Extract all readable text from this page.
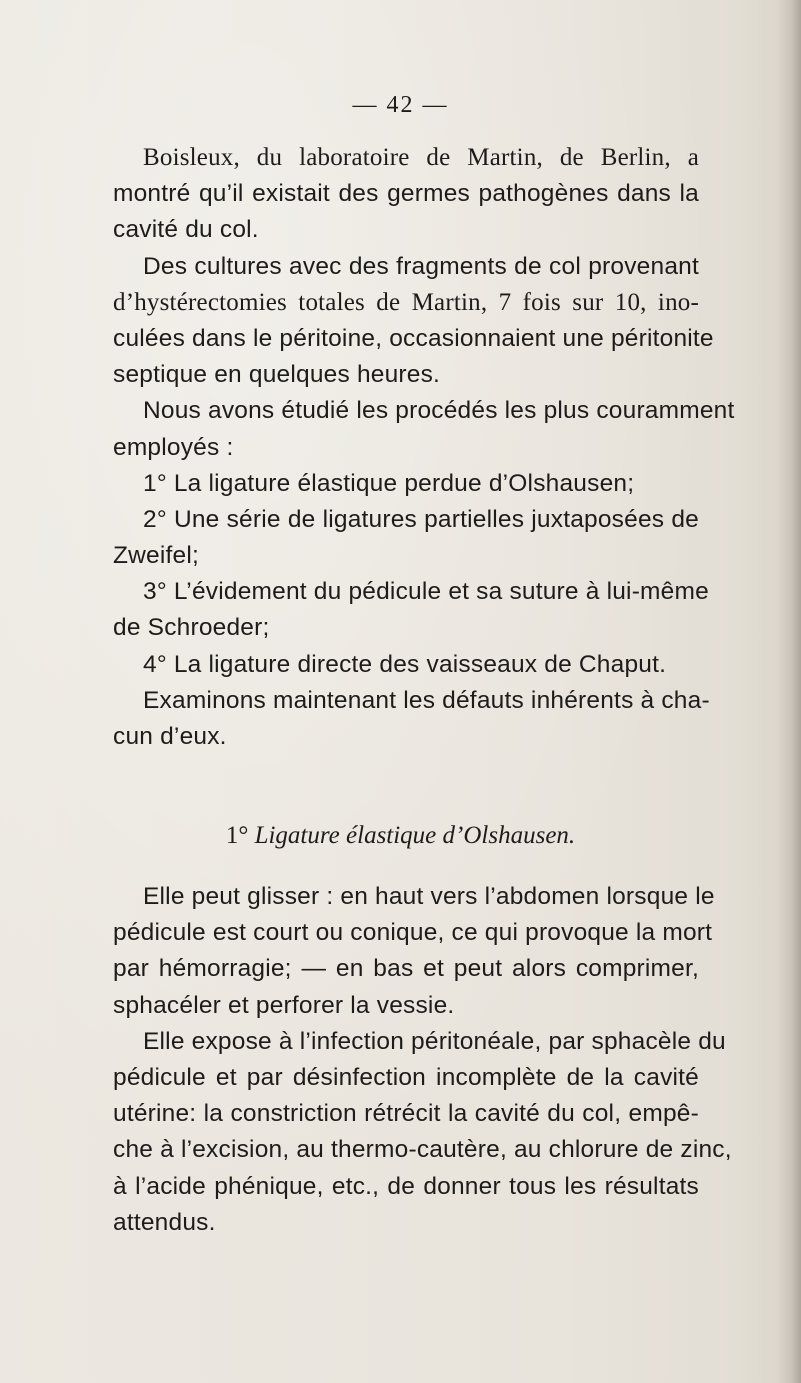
— 42 —
Boisleux, du laboratoire de Martin, de Berlin, a
montré qu’il existait des germes pathogènes dans la
cavité du col.
Des cultures avec des fragments de col provenant
d’hystérectomies totales de Martin, 7 fois sur 10, ino-
culées dans le péritoine, occasionnaient une péritonite
septique en quelques heures.
Nous avons étudié les procédés les plus couramment
employés :
1° La ligature élastique perdue d’Olshausen;
2° Une série de ligatures partielles juxtaposées de
Zweifel;
3° L’évidement du pédicule et sa suture à lui-même
de Schroeder;
4° La ligature directe des vaisseaux de Chaput.
Examinons maintenant les défauts inhérents à cha-
cun d’eux.
1° Ligature élastique d’Olshausen.
Elle peut glisser : en haut vers l’abdomen lorsque le
pédicule est court ou conique, ce qui provoque la mort
par hémorragie; — en bas et peut alors comprimer,
sphacéler et perforer la vessie.
Elle expose à l’infection péritonéale, par sphacèle du
pédicule et par désinfection incomplète de la cavité
utérine: la constriction rétrécit la cavité du col, empê-
che à l’excision, au thermo-cautère, au chlorure de zinc,
à l’acide phénique, etc., de donner tous les résultats
attendus.
